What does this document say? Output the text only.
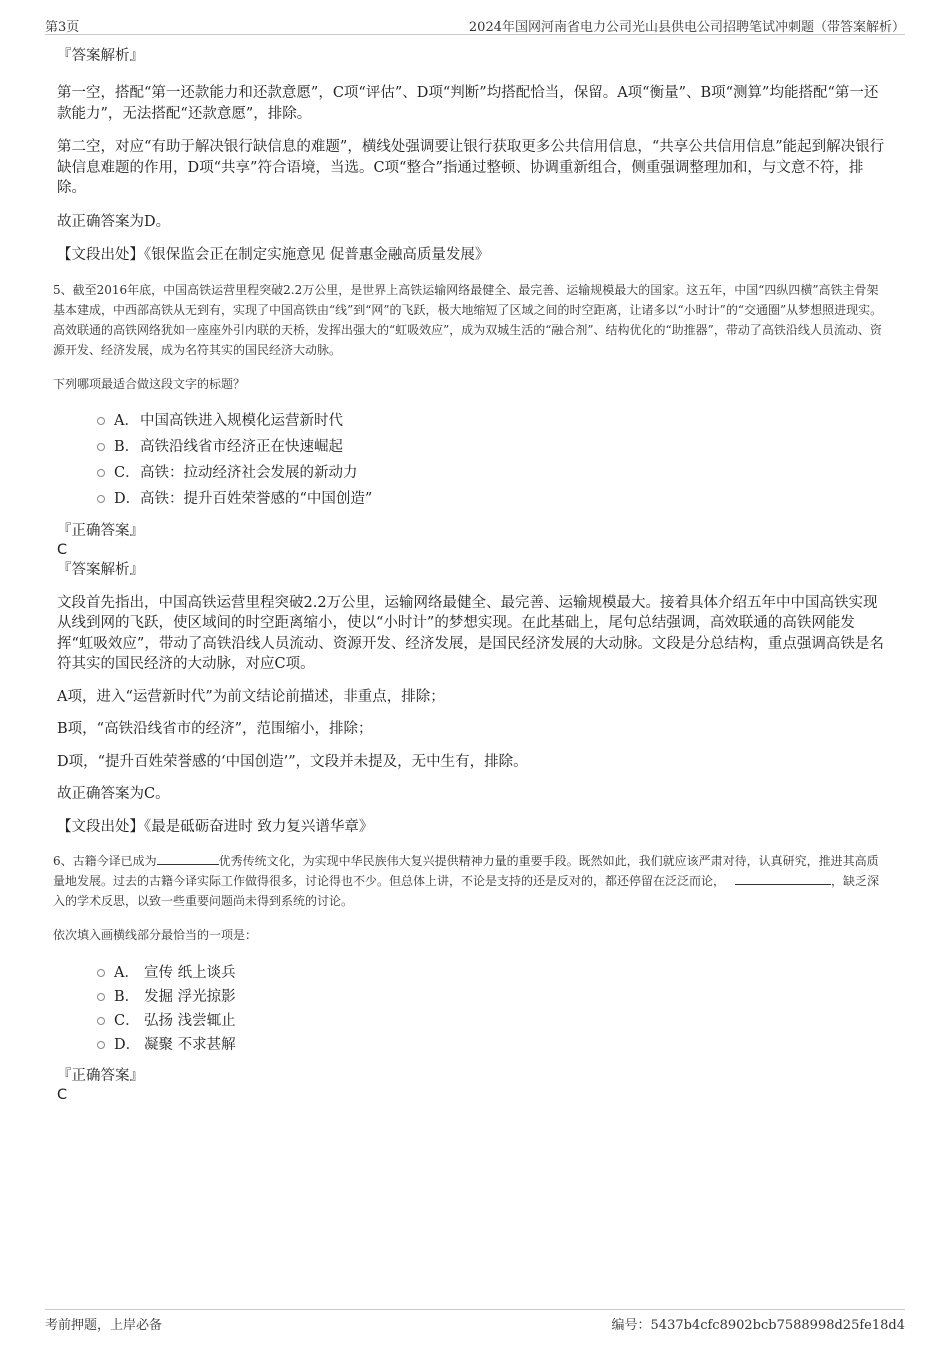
第3页	2024年国网河南省电力公司光山县供电公司招聘笔试冲刺题（带答案解析）

『答案解析』

第一空，搭配“第一还款能力和还款意愿”，C项“评估”、D项“判断”均搭配恰当，保留。A项“衡量”、B项“测算”均能搭配“第一还款能力”，无法搭配“还款意愿”，排除。

第二空，对应“有助于解决银行缺信息的难题”，横线处强调要让银行获取更多公共信用信息，“共享公共信用信息”能起到解决银行缺信息难题的作用，D项“共享”符合语境，当选。C项“整合”指通过整顿、协调重新组合，侧重强调整理加和，与文意不符，排除。

故正确答案为D。

【文段出处】《银保监会正在制定实施意见 促普惠金融高质量发展》

5、截至2016年底，中国高铁运营里程突破2.2万公里，是世界上高铁运输网络最健全、最完善、运输规模最大的国家。这五年，中国“四纵四横”高铁主骨架基本建成，中西部高铁从无到有，实现了中国高铁由“线”到“网”的飞跃，极大地缩短了区域之间的时空距离，让诸多以“小时计”的“交通圈”从梦想照进现实。高效联通的高铁网络犹如一座座外引内联的天桥，发挥出强大的“虹吸效应”，成为双城生活的“融合剂”、结构优化的“助推器”，带动了高铁沿线人员流动、资源开发、经济发展，成为名符其实的国民经济大动脉。

下列哪项最适合做这段文字的标题？

A．中国高铁进入规模化运营新时代
B．高铁沿线省市经济正在快速崛起
C．高铁：拉动经济社会发展的新动力
D．高铁：提升百姓荣誉感的“中国创造”

『正确答案』

C

『答案解析』

文段首先指出，中国高铁运营里程突破2.2万公里，运输网络最健全、最完善、运输规模最大。接着具体介绍五年中中国高铁实现从线到网的飞跃，使区域间的时空距离缩小，使以“小时计”的梦想实现。在此基础上，尾句总结强调，高效联通的高铁网能发挥“虹吸效应”，带动了高铁沿线人员流动、资源开发、经济发展，是国民经济发展的大动脉。文段是分总结构，重点强调高铁是名符其实的国民经济的大动脉，对应C项。

A项，进入“运营新时代”为前文结论前描述，非重点，排除；

B项，“高铁沿线省市的经济”，范围缩小，排除；

D项，“提升百姓荣誉感的‘中国创造’”，文段并未提及，无中生有，排除。

故正确答案为C。

【文段出处】《最是砥砺奋进时 致力复兴谱华章》

6、古籍今译已成为	优秀传统文化，为实现中华民族伟大复兴提供精神力量的重要手段。既然如此，我们就应该严肃对待，认真研究，推进其高质量地发展。过去的古籍今译实际工作做得很多，讨论得也不少。但总体上讲，不论是支持的还是反对的，都还停留在泛泛而论，	，缺乏深入的学术反思，以致一些重要问题尚未得到系统的讨论。

依次填入画横线部分最恰当的一项是：

A． 宣传 纸上谈兵
B． 发掘 浮光掠影
C． 弘扬 浅尝辄止
D． 凝聚 不求甚解

『正确答案』

C

考前押题，上岸必备	编号：5437b4cfc8902bcb7588998d25fe18d4
